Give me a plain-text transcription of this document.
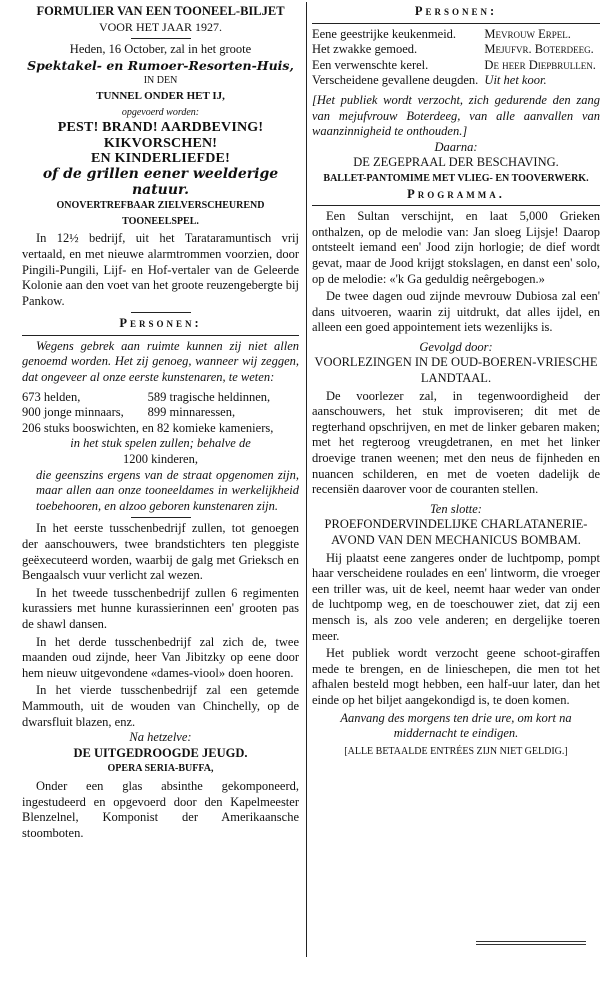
FORMULIER VAN EEN TOONEEL-BILJET
VOOR HET JAAR 1927.
Heden, 16 October, zal in het groote
Spektakel- en Rumoer-Resorten-Huis,
IN DEN
TUNNEL ONDER HET IJ,
opgevoerd worden:
PEST! BRAND! AARDBEVING! KIKVORSCHEN!
EN KINDERLIEFDE!
of de grillen eener weelderige natuur.
ONOVERTREFBAAR ZIELVERSCHEUREND TOONEELSPEL.

In 12½ bedrijf, uit het Tarataramuntisch vrij vertaald, en met nieuwe alarmtrommen voorzien, door Pingili-Pungili, Lijf- en Hof-vertaler van de Geleerde Kolonie aan den voet van het groote reuzengebergte bij Pankow.

Personen:

Wegens gebrek aan ruimte kunnen zij niet allen genoemd worden. Het zij genoeg, wanneer wij zeggen, dat ongeveer al onze eerste kunstenaren, te weten:

673 helden,	589 tragische heldinnen,
900 jonge minnaars,	899 minnaressen,
206 stuks booswichten, en 82 komieke kameniers,	
in het stuk spelen zullen; behalve de
1200 kinderen,

die geenszins ergens van de straat opgenomen zijn, maar allen aan onze tooneeldames in werkelijkheid toebehooren, en alzoo geboren kunstenaren zijn.

In het eerste tusschenbedrijf zullen, tot genoegen der aanschouwers, twee brandstichters ten pleggiste geëxecuteerd worden, waarbij de galg met Grieksch en Bengaalsch vuur verlicht zal wezen.

In het tweede tusschenbedrijf zullen 6 regimenten kurassiers met hunne kurassierinnen een' grooten pas de shawl dansen.

In het derde tusschenbedrijf zal zich de, twee maanden oud zijnde, heer Van Jibitzky op eene door hem nieuw uitgevondene «dames-viool» doen hooren.

In het vierde tusschenbedrijf zal een getemde Mammouth, uit de wouden van Chinchelly, op de dwarsfluit blazen, enz.

Na hetzelve:
DE UITGEDROOGDE JEUGD.
OPERA SERIA-BUFFA,

Onder een glas absinthe gekomponeerd, ingestudeerd en opgevoerd door den Kapelmeester Blenzelnel, Komponist der Amerikaansche stoomboten.

Personen:
Eene geestrijke keukenmeid.	Mevrouw Erpel.
Het zwakke gemoed.	Mejufvr. Boterdeeg.
Een verwenschte kerel.	De heer Diepbrullen.
Verscheidene gevallene deugden.	Uit het koor.

[Het publiek wordt verzocht, zich gedurende den zang van mejufvrouw Boterdeeg, van alle aanvallen van waanzinnigheid te onthouden.]

Daarna:
DE ZEGEPRAAL DER BESCHAVING.
BALLET-PANTOMIME MET VLIEG- EN TOOVERWERK.
Programma.

Een Sultan verschijnt, en laat 5,000 Grieken onthalzen, op de melodie van: Jan sloeg Lijsje! Daarop ontsteelt iemand een' Jood zijn horlogie; de dief wordt gevat, maar de Jood krijgt stokslagen, en danst een' solo, op de melodie: «'k Ga geduldig neêrgebogen.»

De twee dagen oud zijnde mevrouw Dubiosa zal een' dans uitvoeren, waarin zij uitdrukt, dat alles ijdel, en alleen een goed appointement iets wezenlijks is.

Gevolgd door:
VOORLEZINGEN IN DE OUD-BOEREN-VRIESCHE
LANDTAAL.

De voorlezer zal, in tegenwoordigheid der aanschouwers, het stuk improviseren; dit met de regterhand opschrijven, en met de linker gebaren maken; met het regteroog vreugdetranen, en met het linker droevige tranen weenen; met den neus de fijnheden en nuancen schilderen, en met de voeten dadelijk de recensiën daarover voor de couranten stellen.

Ten slotte:
PROEFONDERVINDELIJKE CHARLATANERIE-
AVOND VAN DEN MECHANICUS BOMBAM.

Hij plaatst eene zangeres onder de luchtpomp, pompt haar verscheidene roulades en een' lintworm, die vroeger een triller was, uit de keel, neemt haar weder van onder de luchtpomp weg, en de toeschouwer ziet, dat zij een mensch is, als zoo vele anderen; en dergelijke toeren meer.

Het publiek wordt verzocht geene schoot-giraffen mede te brengen, en de linieschepen, die men tot het afhalen besteld mogt hebben, een half-uur later, dan het einde op het biljet aangekondigd is, te doen komen.

Aanvang des morgens ten drie ure, om kort na middernacht te eindigen.
[ALLE BETAALDE ENTRÉES ZIJN NIET GELDIG.]
